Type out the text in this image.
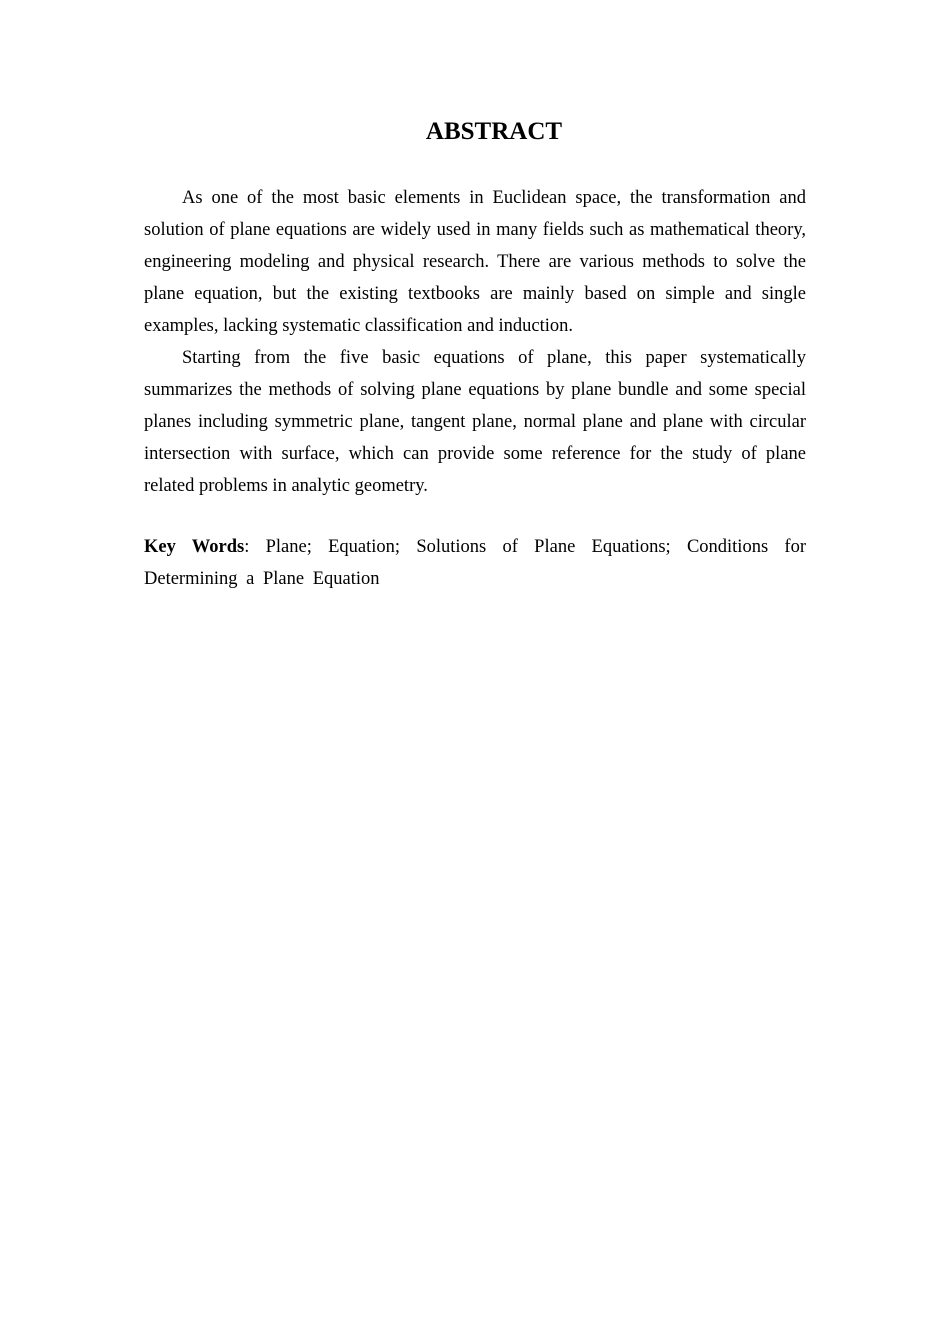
ABSTRACT

As one of the most basic elements in Euclidean space, the transformation and solution of plane equations are widely used in many fields such as mathematical theory, engineering modeling and physical research. There are various methods to solve the plane equation, but the existing textbooks are mainly based on simple and single examples, lacking systematic classification and induction.

Starting from the five basic equations of plane, this paper systematically summarizes the methods of solving plane equations by plane bundle and some special planes including symmetric plane, tangent plane, normal plane and plane with circular intersection with surface, which can provide some reference for the study of plane related problems in analytic geometry.

Key Words: Plane; Equation; Solutions of Plane Equations; Conditions for Determining a Plane Equation
